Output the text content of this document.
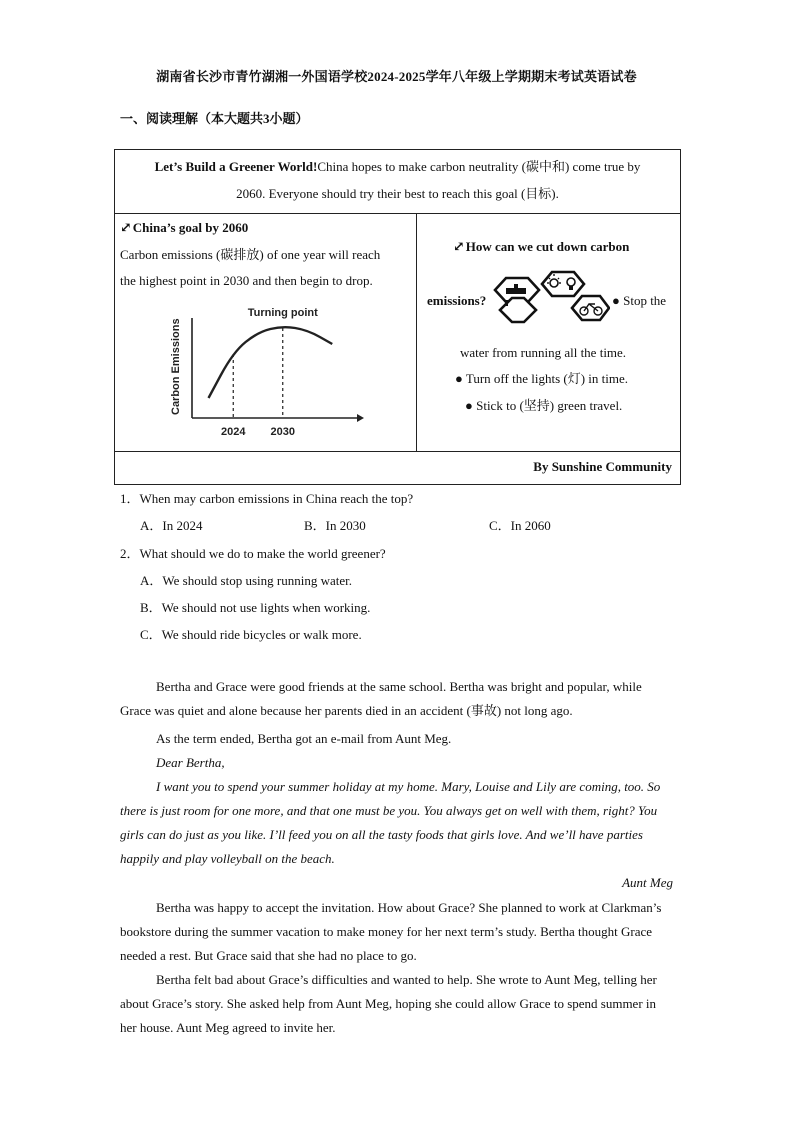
湖南省长沙市青竹湖湘一外国语学校2024-2025学年八年级上学期期末考试英语试卷
一、阅读理解（本大题共3小题）
Let’s Build a Greener World!China hopes to make carbon neutrality (碳中和) come true by
2060. Everyone should try their best to reach this goal (目标).
⤢China’s goal by 2060
Carbon emissions (碳排放) of one year will reach
the highest point in 2030 and then begin to drop.
Carbon Emissions
2024 2030
Turning point
⤢How can we cut down carbon
emissions?	● Stop the
water from running all the time.
● Turn off the lights (灯) in time.
● Stick to (坚持) green travel.
By Sunshine Community
1．When may carbon emissions in China reach the top?
A．In 2024	B．In 2030	C．In 2060
2．What should we do to make the world greener?
A．We should stop using running water.
B．We should not use lights when working.
C．We should ride bicycles or walk more.
Bertha and Grace were good friends at the same school. Bertha was bright and popular, while Grace was quiet and alone because her parents died in an accident (事故) not long ago.
As the term ended, Bertha got an e-mail from Aunt Meg.
Dear Bertha,
I want you to spend your summer holiday at my home. Mary, Louise and Lily are coming, too. So there is just room for one more, and that one must be you. You always get on well with them, right? You girls can do just as you like. I’ll feed you on all the tasty foods that girls love. And we’ll have parties happily and play volleyball on the beach.
Aunt Meg
Bertha was happy to accept the invitation. How about Grace? She planned to work at Clarkman’s bookstore during the summer vacation to make money for her next term’s study. Bertha thought Grace needed a rest. But Grace said that she had no place to go.
Bertha felt bad about Grace’s difficulties and wanted to help. She wrote to Aunt Meg, telling her about Grace’s story. She asked help from Aunt Meg, hoping she could allow Grace to spend summer in her house. Aunt Meg agreed to invite her.
